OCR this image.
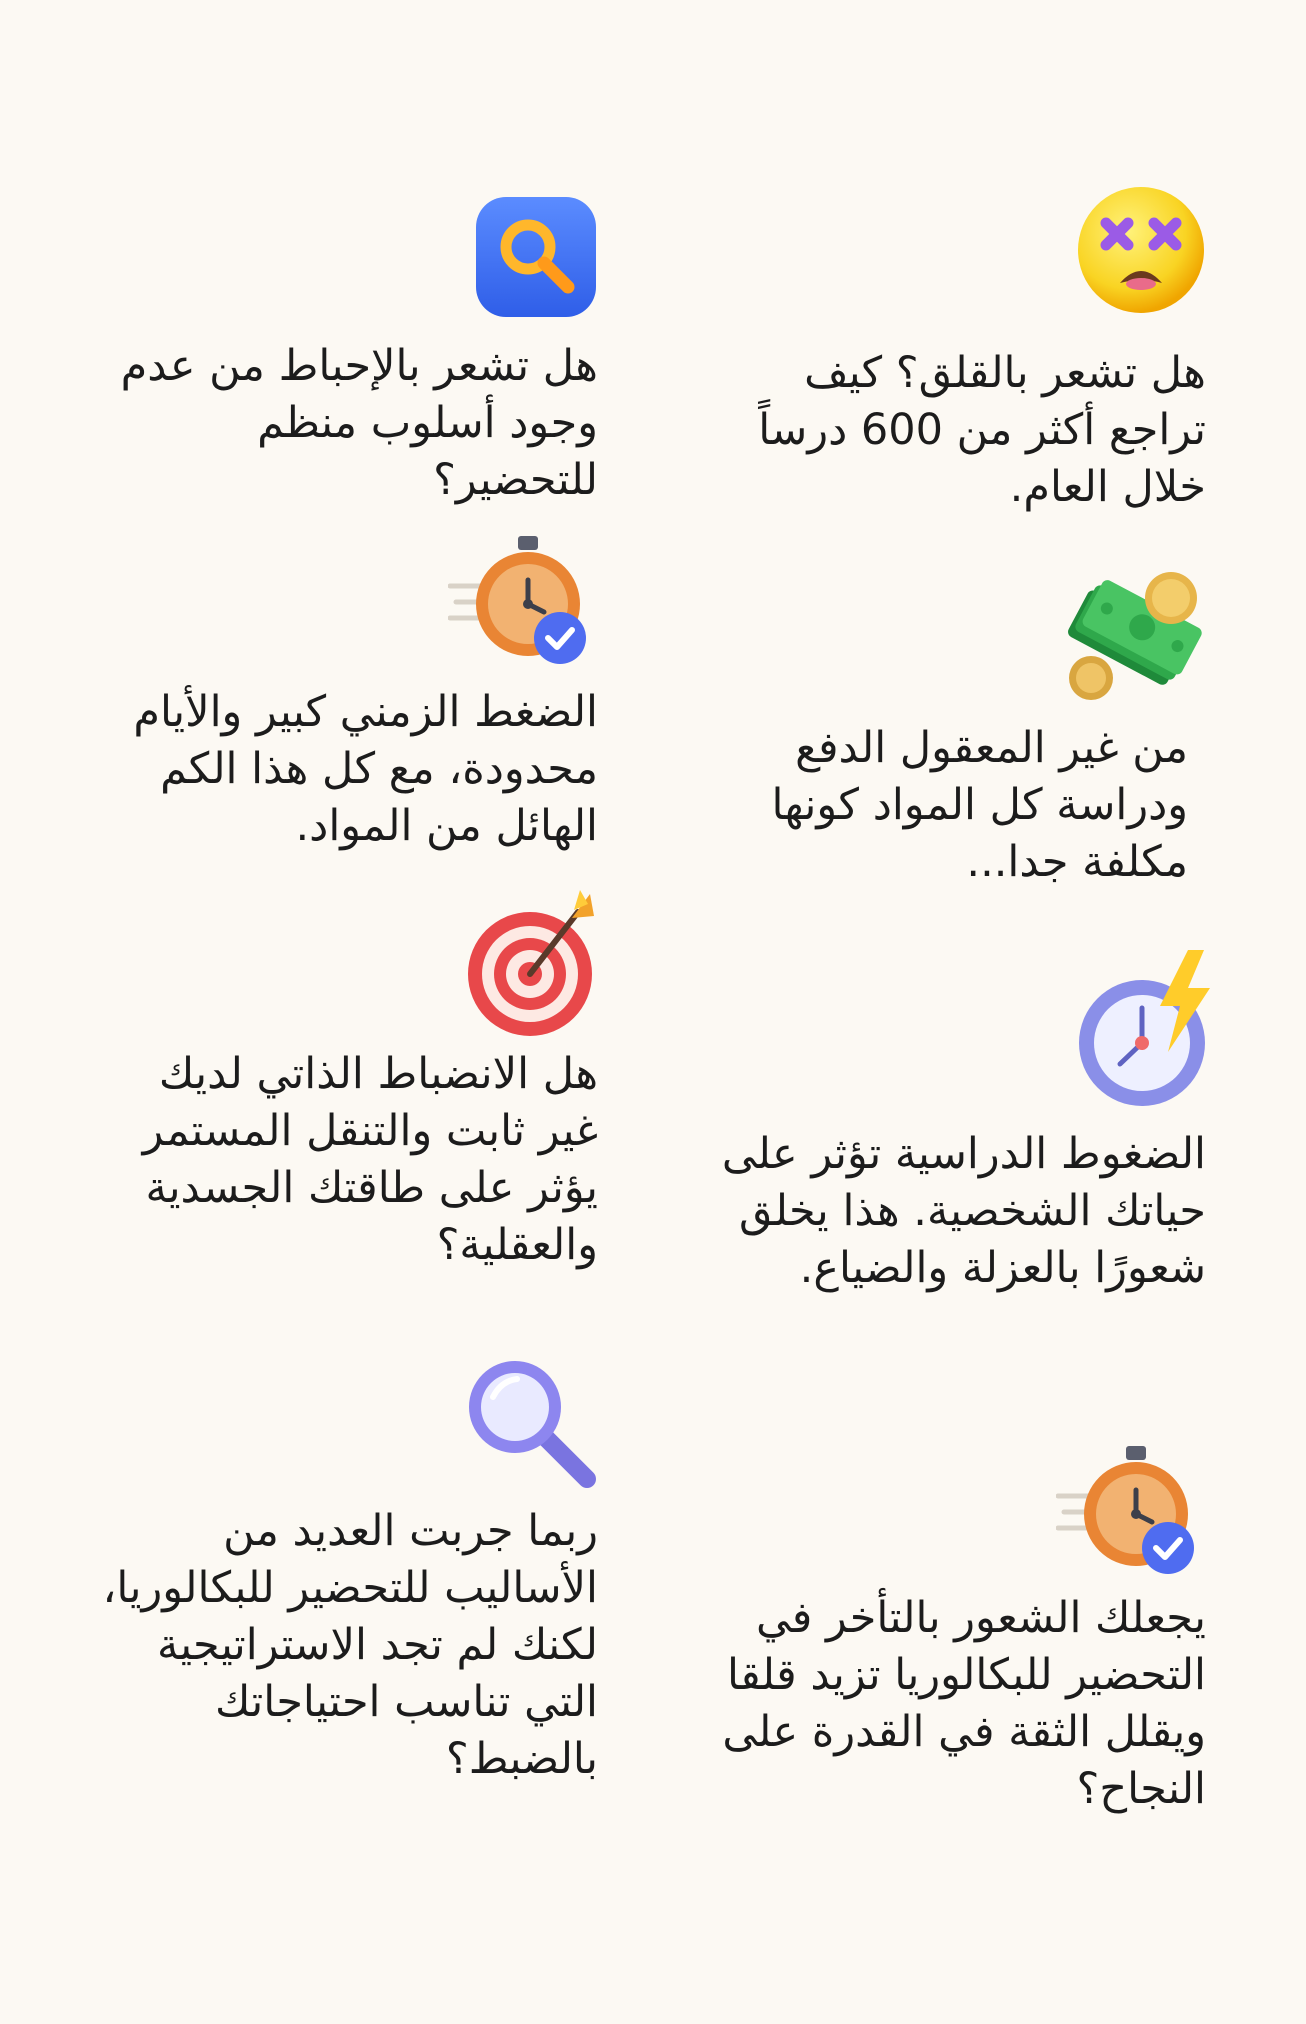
هل تشعر بالقلق؟ كيف
تراجع أكثر من 600 درساً
خلال العام.
هل تشعر بالإحباط من عدم
وجود أسلوب منظم
للتحضير؟
من غير المعقول الدفع
ودراسة كل المواد كونها
مكلفة جدا...
الضغط الزمني كبير والأيام
محدودة، مع كل هذا الكم
الهائل من المواد.
الضغوط الدراسية تؤثر على
حياتك الشخصية. هذا يخلق
شعورًا بالعزلة والضياع.
هل الانضباط الذاتي لديك
غير ثابت والتنقل المستمر
يؤثر على طاقتك الجسدية
والعقلية؟
يجعلك الشعور بالتأخر في
التحضير للبكالوريا تزيد قلقا
ويقلل الثقة في القدرة على
النجاح؟
ربما جربت العديد من
الأساليب للتحضير للبكالوريا،
لكنك لم تجد الاستراتيجية
التي تناسب احتياجاتك
بالضبط؟
